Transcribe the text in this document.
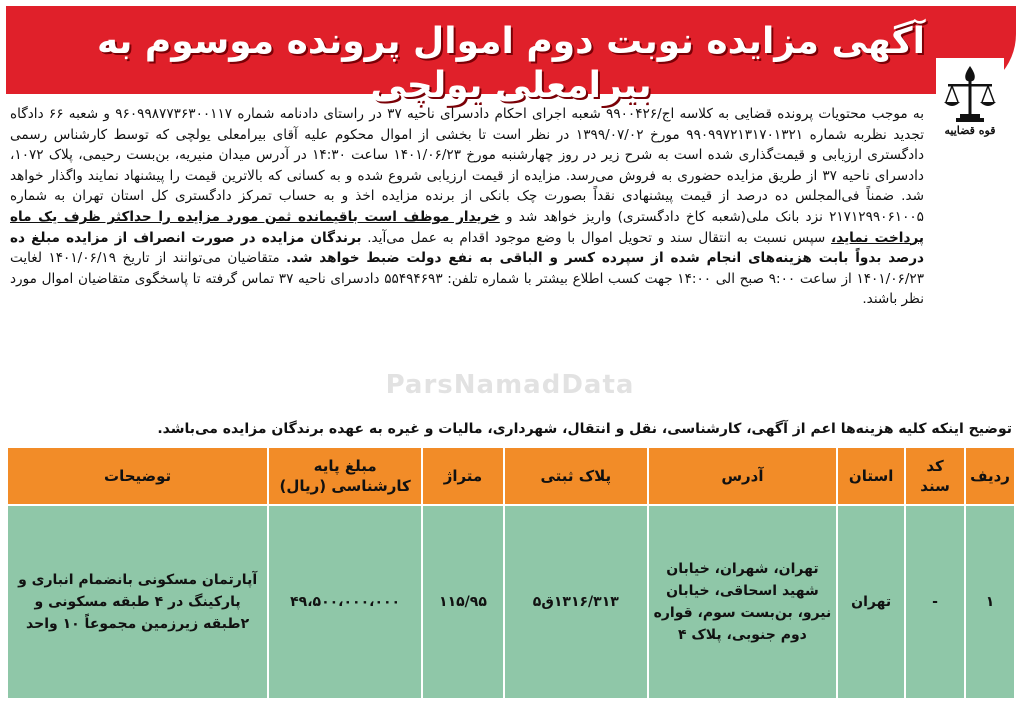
آگهی مزایده نوبت دوم اموال پرونده موسوم به بیرامعلی یولچی
قوه قضاییه

به موجب محتویات پرونده قضایی به کلاسه اج/۹۹۰۰۴۲۶ شعبه اجرای احکام دادسرای ناحیه ۳۷ در راستای دادنامه شماره ۹۶۰۹۹۸۷۷۳۶۳۰۰۱۱۷ و شعبه ۶۶ دادگاه تجدید نظربه شماره ۹۹۰۹۹۷۲۱۳۱۷۰۱۳۲۱ مورخ ۱۳۹۹/۰۷/۰۲ در نظر است تا بخشی از اموال محکوم علیه آقای بیرامعلی یولچی که توسط کارشناس رسمی دادگستری ارزیابی و قیمت‌گذاری شده است به شرح زیر در روز چهارشنبه مورخ ۱۴۰۱/۰۶/۲۳ ساعت ۱۴:۳۰ در آدرس میدان منیریه، بن‌بست رحیمی، پلاک ۱۰۷۲، دادسرای ناحیه ۳۷ از طریق مزایده حضوری به فروش می‌رسد. مزایده از قیمت ارزیابی شروع شده و به کسانی که بالاترین قیمت را پیشنهاد نمایند واگذار خواهد شد. ضمناً فی‌المجلس ده درصد از قیمت پیشنهادی نقداً بصورت چک بانکی از برنده مزایده اخذ و به حساب تمرکز دادگستری کل استان تهران به شماره ۲۱۷۱۲۹۹۰۶۱۰۰۵ نزد بانک ملی(شعبه کاخ دادگستری) واریز خواهد شد و خریدار موظف است باقیمانده ثمن مورد مزایده را حداکثر ظرف یک ماه پرداخت نماید، سپس نسبت به انتقال سند و تحویل اموال با وضع موجود اقدام به عمل می‌آید. برندگان مزایده در صورت انصراف از مزایده مبلغ ده درصد بدواً بابت هزینه‌های انجام شده از سپرده کسر و الباقی به نفع دولت ضبط خواهد شد. متقاضیان می‌توانند از تاریخ ۱۴۰۱/۰۶/۱۹ لغایت ۱۴۰۱/۰۶/۲۳ از ساعت ۹:۰۰ صبح الی ۱۴:۰۰ جهت کسب اطلاع بیشتر با شماره تلفن: ۵۵۴۹۴۶۹۳ دادسرای ناحیه ۳۷ تماس گرفته تا پاسخگوی متقاضیان اموال مورد نظر باشند.

ParsNamadData
توضیح اینکه کلیه هزینه‌ها اعم از آگهی، کارشناسی، نقل و انتقال، شهرداری، مالیات و غیره به عهده برندگان مزایده می‌باشد.
ردیف	کد سند	استان	آدرس	پلاک ثبتی	متراژ	مبلغ پایه کارشناسی (ریال)	توضیحات
۱	-	تهران	تهران، شهران، خیابان شهید اسحاقی، خیابان نیرو، بن‌بست سوم، قواره دوم جنوبی، پلاک ۴	۱۳۱۶/۳۱۳ق۵	۱۱۵/۹۵	۴۹،۵۰۰،۰۰۰،۰۰۰	آپارتمان مسکونی بانضمام انباری و پارکینگ در ۴ طبقه مسکونی و ۲طبقه زیرزمین مجموعاً ۱۰ واحد
